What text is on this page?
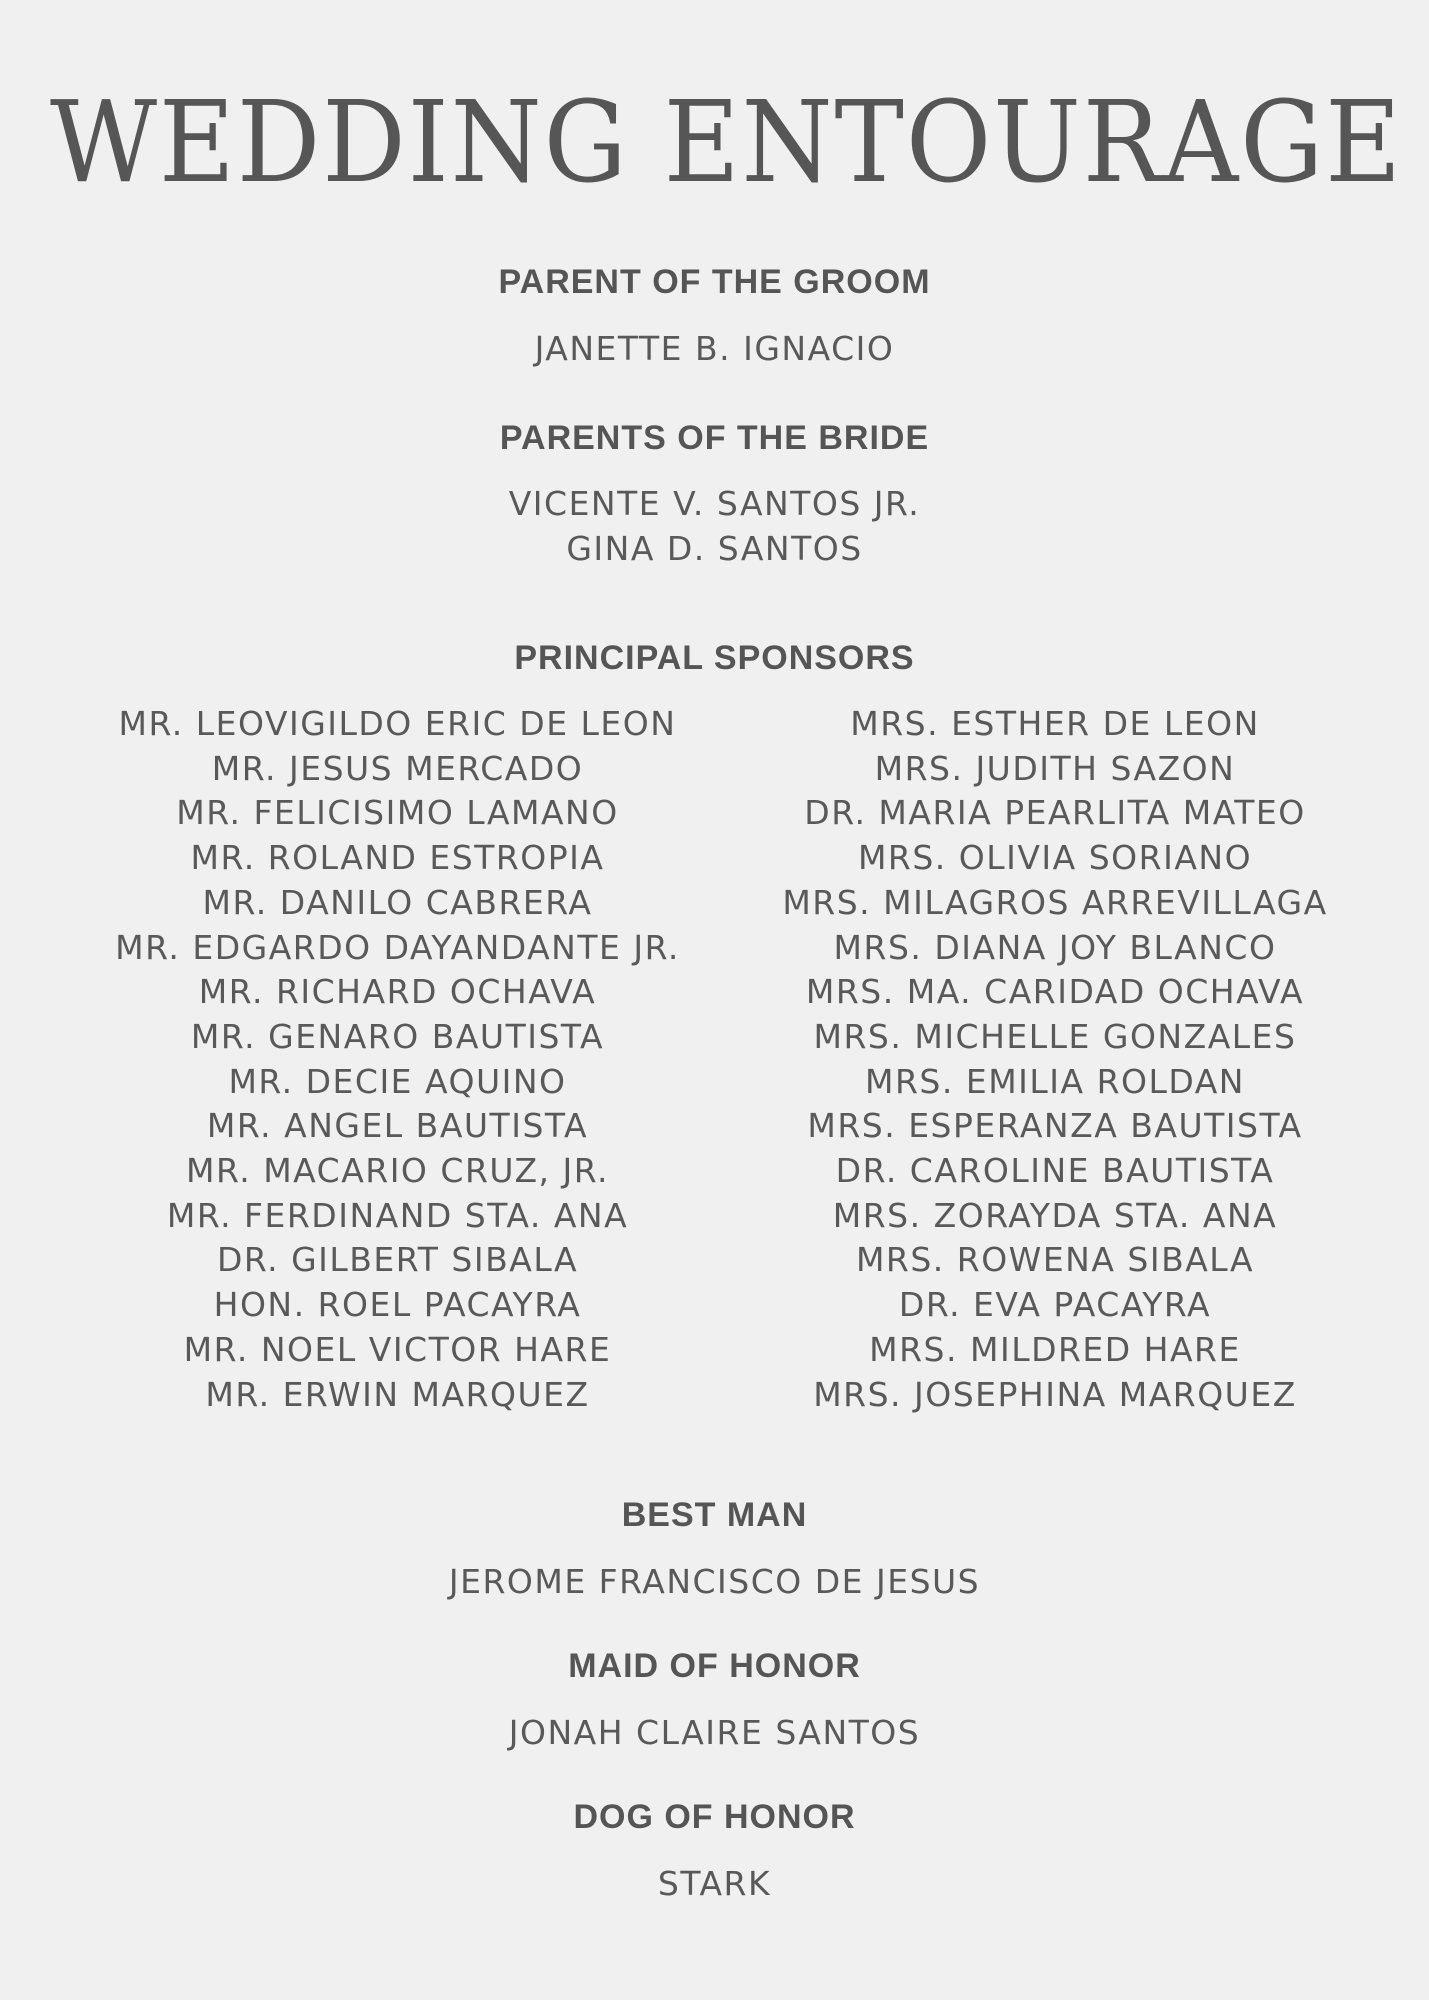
WEDDING ENTOURAGE
PARENT OF THE GROOM

JANETTE B. IGNACIO

PARENTS OF THE BRIDE
VICENTE V. SANTOS JR.
GINA D. SANTOS
PRINCIPAL SPONSORS
MR. LEOVIGILDO ERIC DE LEON
MR. JESUS MERCADO
MR. FELICISIMO LAMANO
MR. ROLAND ESTROPIA
MR. DANILO CABRERA
MR. EDGARDO DAYANDANTE JR.
MR. RICHARD OCHAVA
MR. GENARO BAUTISTA
MR. DECIE AQUINO
MR. ANGEL BAUTISTA
MR. MACARIO CRUZ, JR.
MR. FERDINAND STA. ANA
DR. GILBERT SIBALA
HON. ROEL PACAYRA
MR. NOEL VICTOR HARE
MR. ERWIN MARQUEZ
MRS. ESTHER DE LEON
MRS. JUDITH SAZON
DR. MARIA PEARLITA MATEO
MRS. OLIVIA SORIANO
MRS. MILAGROS ARREVILLAGA
MRS. DIANA JOY BLANCO
MRS. MA. CARIDAD OCHAVA
MRS. MICHELLE GONZALES
MRS. EMILIA ROLDAN
MRS. ESPERANZA BAUTISTA
DR. CAROLINE BAUTISTA
MRS. ZORAYDA STA. ANA
MRS. ROWENA SIBALA
DR. EVA PACAYRA
MRS. MILDRED HARE
MRS. JOSEPHINA MARQUEZ
BEST MAN

JEROME FRANCISCO DE JESUS

MAID OF HONOR

JONAH CLAIRE SANTOS

DOG OF HONOR

STARK
